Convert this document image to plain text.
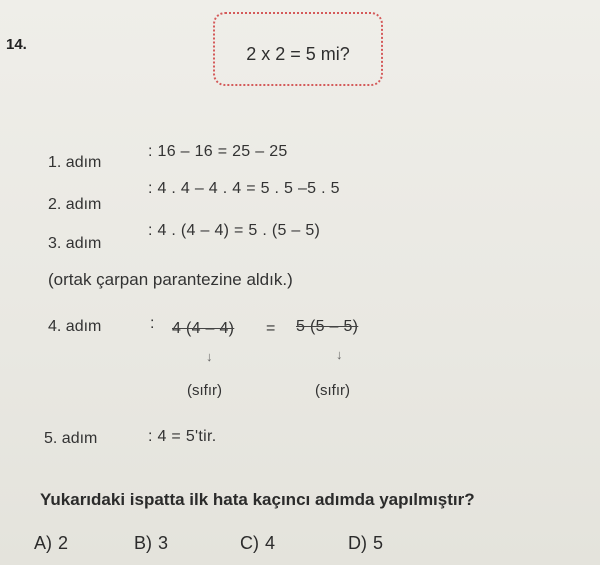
14.	2 x 2 = 5 mi?
1. adım
: 16 – 16 = 25 – 25
2. adım
: 4 . 4 – 4 . 4 = 5 . 5 –5 . 5
3. adım
: 4 . (4 – 4) = 5 . (5 – 5)
(ortak çarpan parantezine aldık.)
4. adım	: 4 (4 – 4) = 5 (5 – 5)
↓	↓
(sıfır)	(sıfır)
5. adım	: 4 = 5'tir.
Yukarıdaki ispatta ilk hata kaçıncı adımda yapılmıştır?
A) 2	B) 3	C) 4	D) 5
